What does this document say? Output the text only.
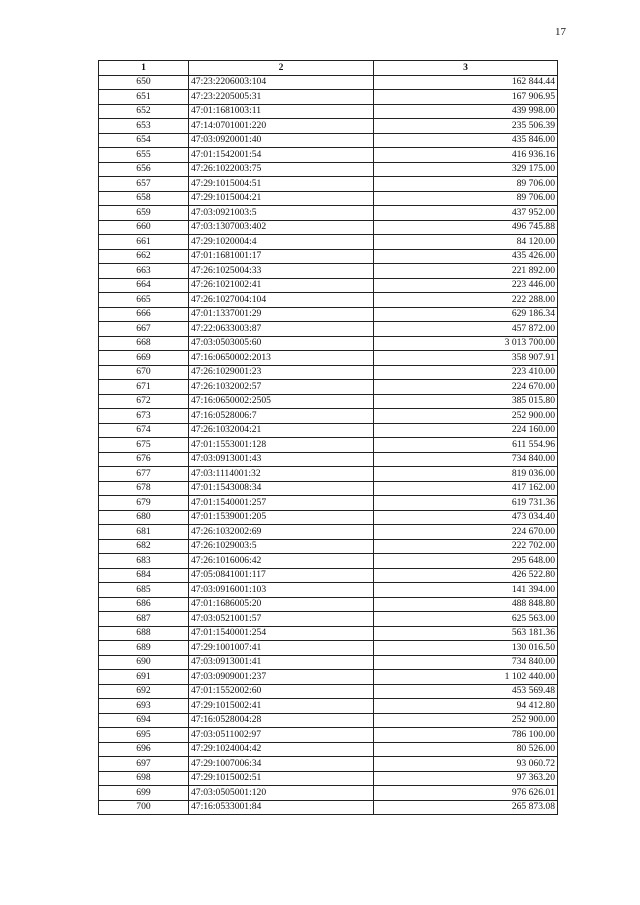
17
1	2	3
650	47:23:2206003:104	162 844.44
651	47:23:2205005:31	167 906.95
652	47:01:1681003:11	439 998.00
653	47:14:0701001:220	235 506.39
654	47:03:0920001:40	435 846.00
655	47:01:1542001:54	416 936.16
656	47:26:1022003:75	329 175.00
657	47:29:1015004:51	89 706.00
658	47:29:1015004:21	89 706.00
659	47:03:0921003:5	437 952.00
660	47:03:1307003:402	496 745.88
661	47:29:1020004:4	84 120.00
662	47:01:1681001:17	435 426.00
663	47:26:1025004:33	221 892.00
664	47:26:1021002:41	223 446.00
665	47:26:1027004:104	222 288.00
666	47:01:1337001:29	629 186.34
667	47:22:0633003:87	457 872.00
668	47:03:0503005:60	3 013 700.00
669	47:16:0650002:2013	358 907.91
670	47:26:1029001:23	223 410.00
671	47:26:1032002:57	224 670.00
672	47:16:0650002:2505	385 015.80
673	47:16:0528006:7	252 900.00
674	47:26:1032004:21	224 160.00
675	47:01:1553001:128	611 554.96
676	47:03:0913001:43	734 840.00
677	47:03:1114001:32	819 036.00
678	47:01:1543008:34	417 162.00
679	47:01:1540001:257	619 731.36
680	47:01:1539001:205	473 034.40
681	47:26:1032002:69	224 670.00
682	47:26:1029003:5	222 702.00
683	47:26:1016006:42	295 648.00
684	47:05:0841001:117	426 522.80
685	47:03:0916001:103	141 394.00
686	47:01:1686005:20	488 848.80
687	47:03:0521001:57	625 563.00
688	47:01:1540001:254	563 181.36
689	47:29:1001007:41	130 016.50
690	47:03:0913001:41	734 840.00
691	47:03:0909001:237	1 102 440.00
692	47:01:1552002:60	453 569.48
693	47:29:1015002:41	94 412.80
694	47:16:0528004:28	252 900.00
695	47:03:0511002:97	786 100.00
696	47:29:1024004:42	80 526.00
697	47:29:1007006:34	93 060.72
698	47:29:1015002:51	97 363.20
699	47:03:0505001:120	976 626.01
700	47:16:0533001:84	265 873.08
